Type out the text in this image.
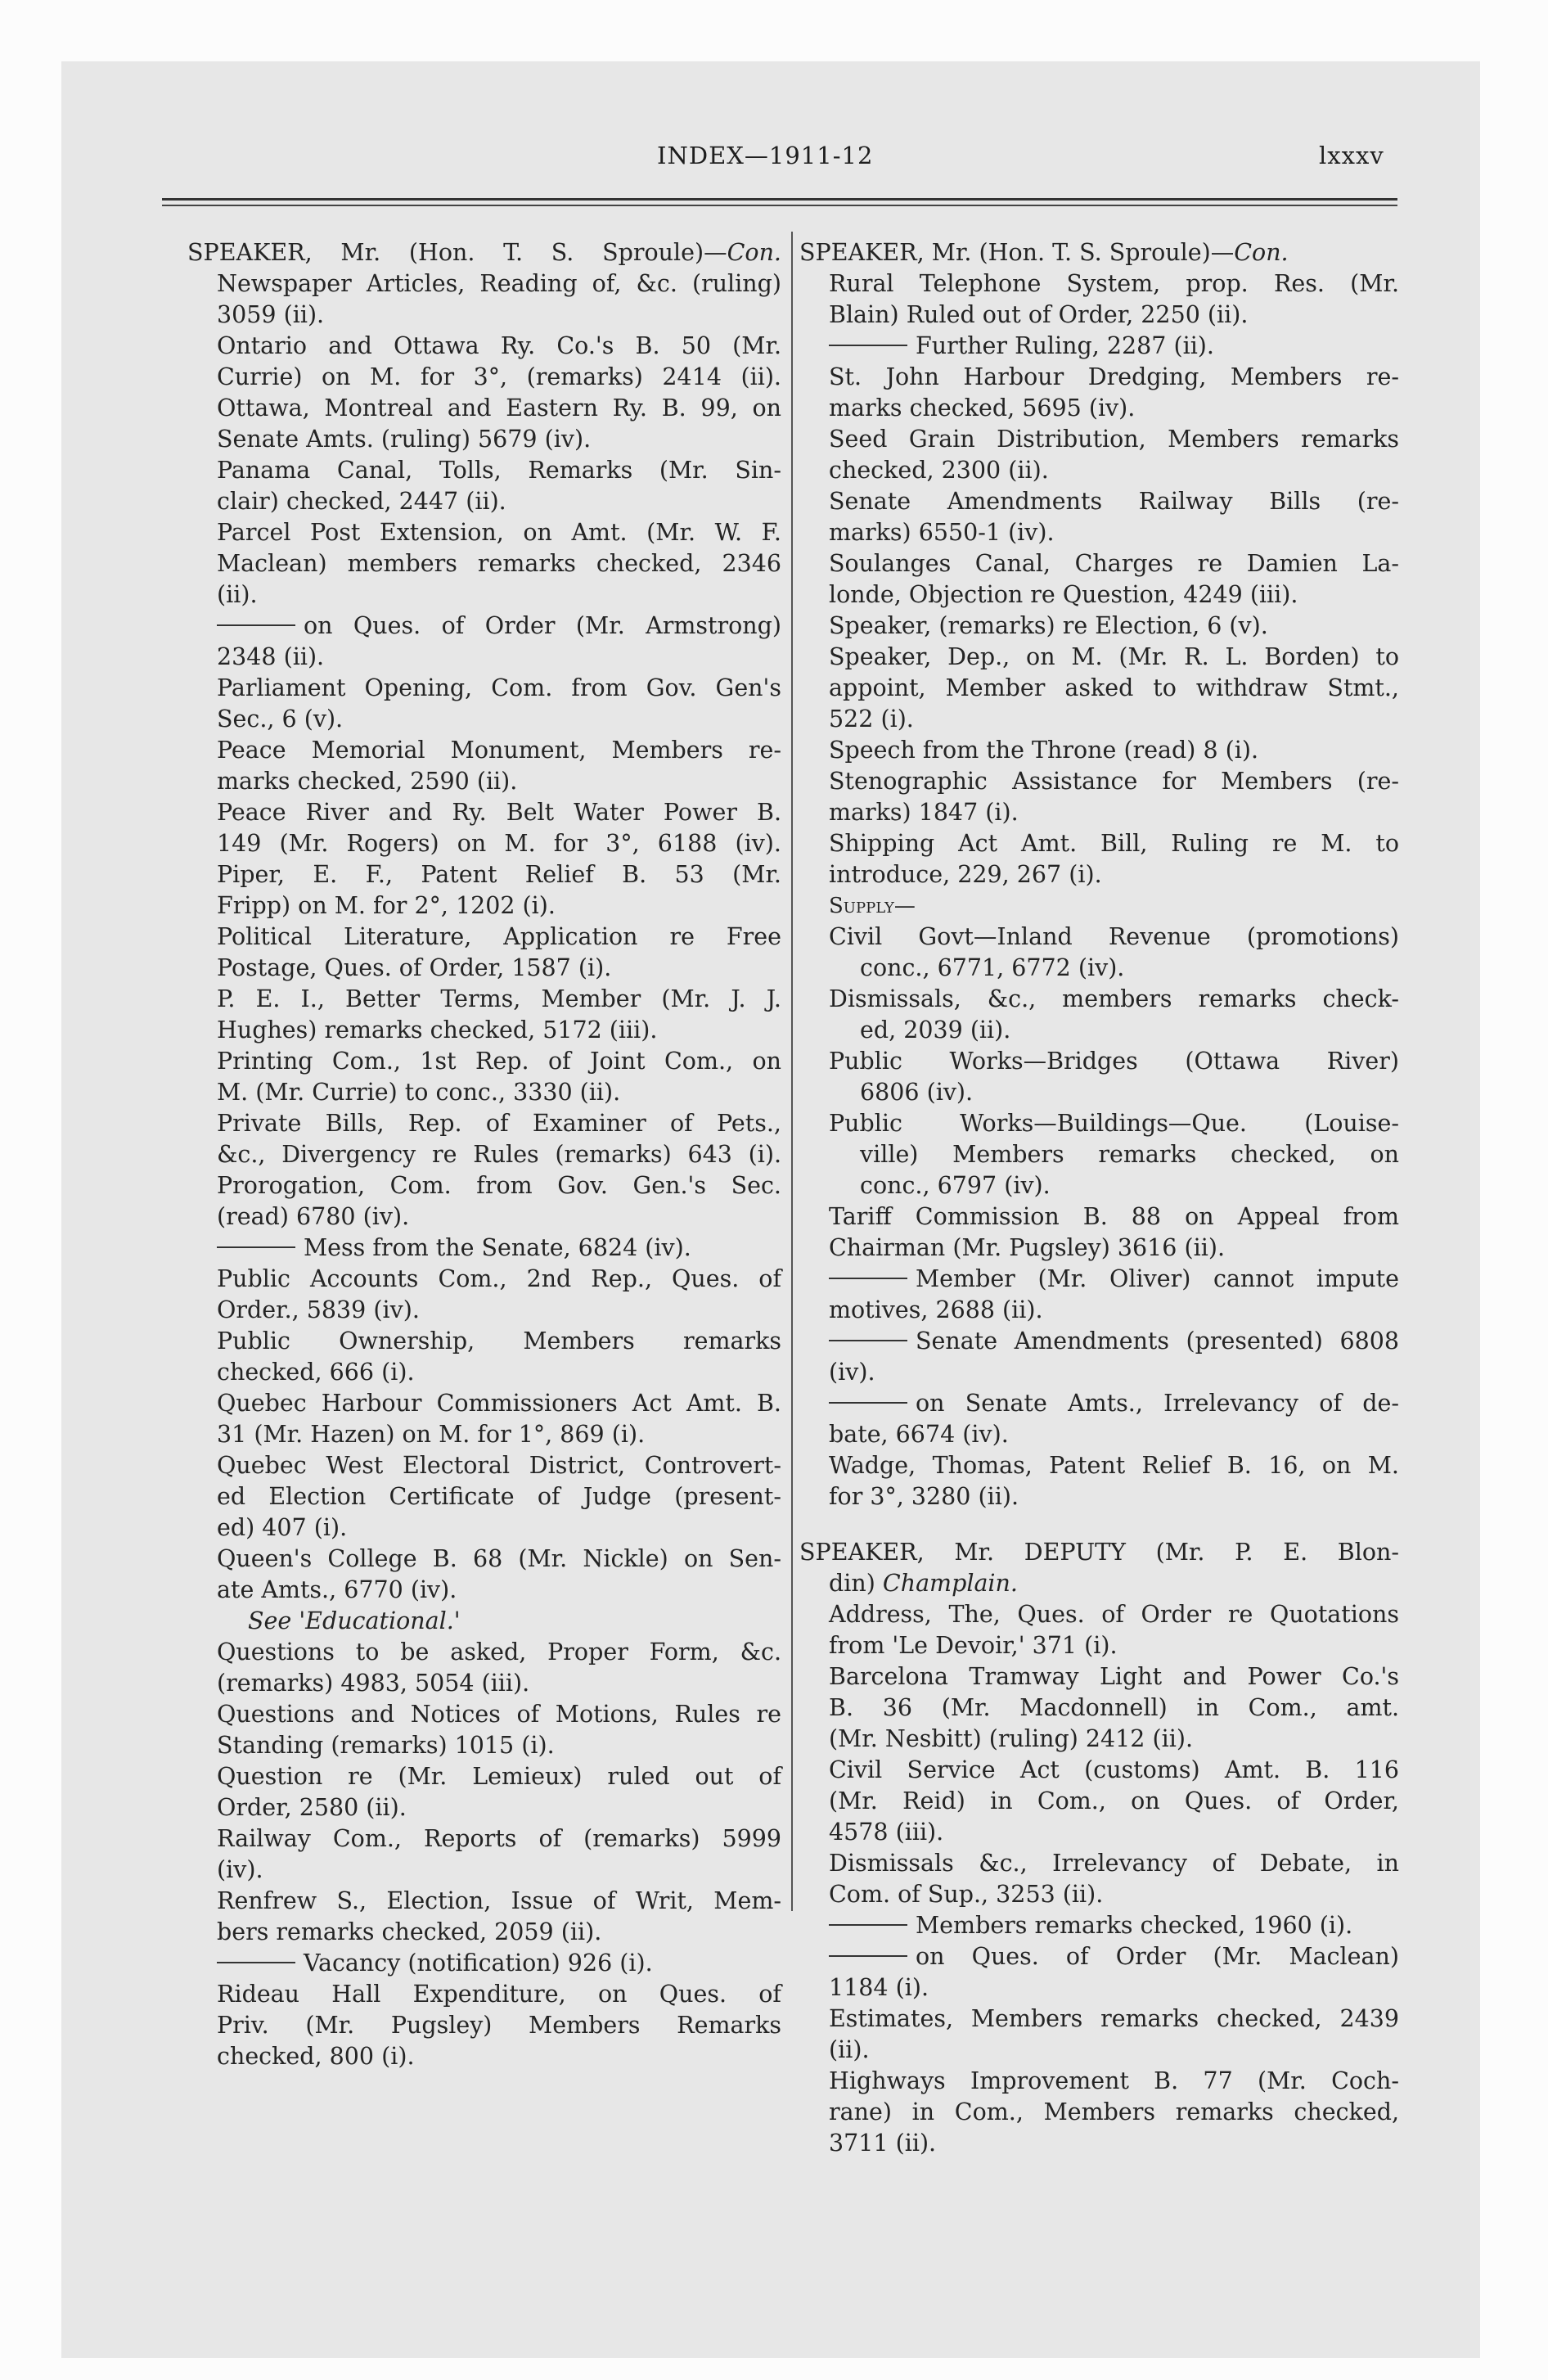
INDEX—1911-12	lxxxv
SPEAKER, Mr. (Hon. T. S. Sproule)—Con.
Newspaper Articles, Reading of, &c. (ruling)
3059 (ii).
Ontario and Ottawa Ry. Co.'s B. 50 (Mr.
Currie) on M. for 3°, (remarks) 2414 (ii).
Ottawa, Montreal and Eastern Ry. B. 99, on
Senate Amts. (ruling) 5679 (iv).
Panama Canal, Tolls, Remarks (Mr. Sin-
clair) checked, 2447 (ii).
Parcel Post Extension, on Amt. (Mr. W. F.
Maclean) members remarks checked, 2346
(ii).
on Ques. of Order (Mr. Armstrong)
2348 (ii).
Parliament Opening, Com. from Gov. Gen's
Sec., 6 (v).
Peace Memorial Monument, Members re-
marks checked, 2590 (ii).
Peace River and Ry. Belt Water Power B.
149 (Mr. Rogers) on M. for 3°, 6188 (iv).
Piper, E. F., Patent Relief B. 53 (Mr.
Fripp) on M. for 2°, 1202 (i).
Political Literature, Application re Free
Postage, Ques. of Order, 1587 (i).
P. E. I., Better Terms, Member (Mr. J. J.
Hughes) remarks checked, 5172 (iii).
Printing Com., 1st Rep. of Joint Com., on
M. (Mr. Currie) to conc., 3330 (ii).
Private Bills, Rep. of Examiner of Pets.,
&c., Divergency re Rules (remarks) 643 (i).
Prorogation, Com. from Gov. Gen.'s Sec.
(read) 6780 (iv).
Mess from the Senate, 6824 (iv).
Public Accounts Com., 2nd Rep., Ques. of
Order., 5839 (iv).
Public Ownership, Members remarks
checked, 666 (i).
Quebec Harbour Commissioners Act Amt. B.
31 (Mr. Hazen) on M. for 1°, 869 (i).
Quebec West Electoral District, Controvert-
ed Election Certificate of Judge (present-
ed) 407 (i).
Queen's College B. 68 (Mr. Nickle) on Sen-
ate Amts., 6770 (iv).
See 'Educational.'
Questions to be asked, Proper Form, &c.
(remarks) 4983, 5054 (iii).
Questions and Notices of Motions, Rules re
Standing (remarks) 1015 (i).
Question re (Mr. Lemieux) ruled out of
Order, 2580 (ii).
Railway Com., Reports of (remarks) 5999
(iv).
Renfrew S., Election, Issue of Writ, Mem-
bers remarks checked, 2059 (ii).
Vacancy (notification) 926 (i).
Rideau Hall Expenditure, on Ques. of
Priv. (Mr. Pugsley) Members Remarks
checked, 800 (i).
SPEAKER, Mr. (Hon. T. S. Sproule)—Con.
Rural Telephone System, prop. Res. (Mr.
Blain) Ruled out of Order, 2250 (ii).
Further Ruling, 2287 (ii).
St. John Harbour Dredging, Members re-
marks checked, 5695 (iv).
Seed Grain Distribution, Members remarks
checked, 2300 (ii).
Senate Amendments Railway Bills (re-
marks) 6550-1 (iv).
Soulanges Canal, Charges re Damien La-
londe, Objection re Question, 4249 (iii).
Speaker, (remarks) re Election, 6 (v).
Speaker, Dep., on M. (Mr. R. L. Borden) to
appoint, Member asked to withdraw Stmt.,
522 (i).
Speech from the Throne (read) 8 (i).
Stenographic Assistance for Members (re-
marks) 1847 (i).
Shipping Act Amt. Bill, Ruling re M. to
introduce, 229, 267 (i).
Supply—
Civil Govt—Inland Revenue (promotions)
conc., 6771, 6772 (iv).
Dismissals, &c., members remarks check-
ed, 2039 (ii).
Public Works—Bridges (Ottawa River)
6806 (iv).
Public Works—Buildings—Que. (Louise-
ville) Members remarks checked, on
conc., 6797 (iv).
Tariff Commission B. 88 on Appeal from
Chairman (Mr. Pugsley) 3616 (ii).
Member (Mr. Oliver) cannot impute
motives, 2688 (ii).
Senate Amendments (presented) 6808
(iv).
on Senate Amts., Irrelevancy of de-
bate, 6674 (iv).
Wadge, Thomas, Patent Relief B. 16, on M.
for 3°, 3280 (ii).
SPEAKER, Mr. DEPUTY (Mr. P. E. Blon-
din) Champlain.
Address, The, Ques. of Order re Quotations
from 'Le Devoir,' 371 (i).
Barcelona Tramway Light and Power Co.'s
B. 36 (Mr. Macdonnell) in Com., amt.
(Mr. Nesbitt) (ruling) 2412 (ii).
Civil Service Act (customs) Amt. B. 116
(Mr. Reid) in Com., on Ques. of Order,
4578 (iii).
Dismissals &c., Irrelevancy of Debate, in
Com. of Sup., 3253 (ii).
Members remarks checked, 1960 (i).
on Ques. of Order (Mr. Maclean)
1184 (i).
Estimates, Members remarks checked, 2439
(ii).
Highways Improvement B. 77 (Mr. Coch-
rane) in Com., Members remarks checked,
3711 (ii).
